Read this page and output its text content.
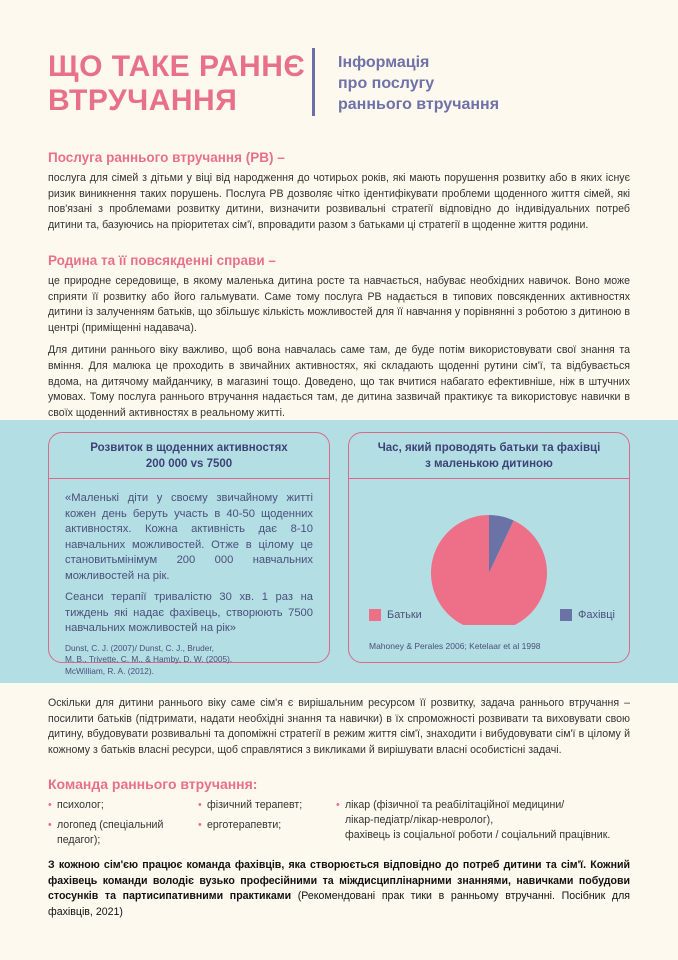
ЩО ТАКЕ РАННЄ
ВТРУЧАННЯ
Інформація
про послугу
раннього втручання
Послуга раннього втручання (РВ) –

послуга для сімей з дітьми у віці від народження до чотирьох років, які мають порушення розвитку або в яких існує ризик виникнення таких порушень. Послуга РВ дозволяє чітко ідентифікувати проблеми щоденного життя сімей, які пов'язані з проблемами розвитку дитини, визначити розвивальні стратегії відповідно до індивідуальних потреб дитини та, базуючись на пріоритетах сім'ї, впровадити разом з батьками ці стратегії в щоденне життя родини.

Родина та її повсякденні справи –

це природне середовище, в якому маленька дитина росте та навчається, набуває необхідних навичок. Воно може сприяти її розвитку або його гальмувати. Саме тому послуга РВ надається в типових повсякденних активностях дитини із залученням батьків, що збільшує кількість можливостей для її навчання у порівнянні з роботою з дитиною в центрі (приміщенні надавача).

Для дитини раннього віку важливо, щоб вона навчалась саме там, де буде потім використовувати свої знання та вміння. Для малюка це проходить в звичайних активностях, які складають щоденні рутини сім'ї, та відбувається вдома, на дитячому майданчику, в магазині тощо. Доведено, що так вчитися набагато ефективніше, ніж в штучних умовах. Тому послуга раннього втручання надається там, де дитина зазвичай практикує та використовує навички в своїх щоденний активностях в реальному житті.

Розвиток в щоденних активностях
200 000 vs 7500

«Маленькі діти у своєму звичайному житті кожен день беруть участь в 40-50 щоденних активностях. Кожна активність дає 8-10 навчальних можливостей. Отже в цілому це становитьмінімум 200 000 навчальних можливостей на рік.

Сеанси терапії тривалістю 30 хв. 1 раз на тиждень які надає фахівець, створюють 7500 навчальних можливостей на рік»

Dunst, C. J. (2007)/ Dunst, C. J., Bruder,
M. B., Trivette, C. M., & Hamby, D. W. (2005).
McWilliam, R. A. (2012).
Час, який проводять батьки та фахівці
з маленькою дитиною
Батьки	Фахівці
Mahoney & Perales 2006; Ketelaar et al 1998

Оскільки для дитини раннього віку саме сім'я є вирішальним ресурсом її розвитку, задача раннього втручання – посилити батьків (підтримати, надати необхідні знання та навички) в їх спроможності розвивати та виховувати свою дитину, вбудовувати розвивальні та допоміжні стратегії в режим життя сім'ї, знаходити і вибудовувати сім'ї в цілому й кожному з батьків власні ресурси, щоб справлятися з викликами й вирішувати власні особистісні задачі.

Команда раннього втручання:
• психолог;
• логопед (спеціальний педагог);
• фізичний терапевт;
• ерготерапевти;
• лікар (фізичної та реабілітаційної медицини/
лікар-педіатр/лікар-невролог),
фахівець із соціальної роботи / соціальний працівник.

З кожною сім'єю працює команда фахівців, яка створюється відповідно до потреб дитини та сім'ї. Кожний фахівець команди володіє вузько професійними та міждисциплінарними знаннями, навичками побудови стосунків та партисипативними практиками (Рекомендовані прак тики в ранньому втручанні. Посібник для фахівців, 2021)
